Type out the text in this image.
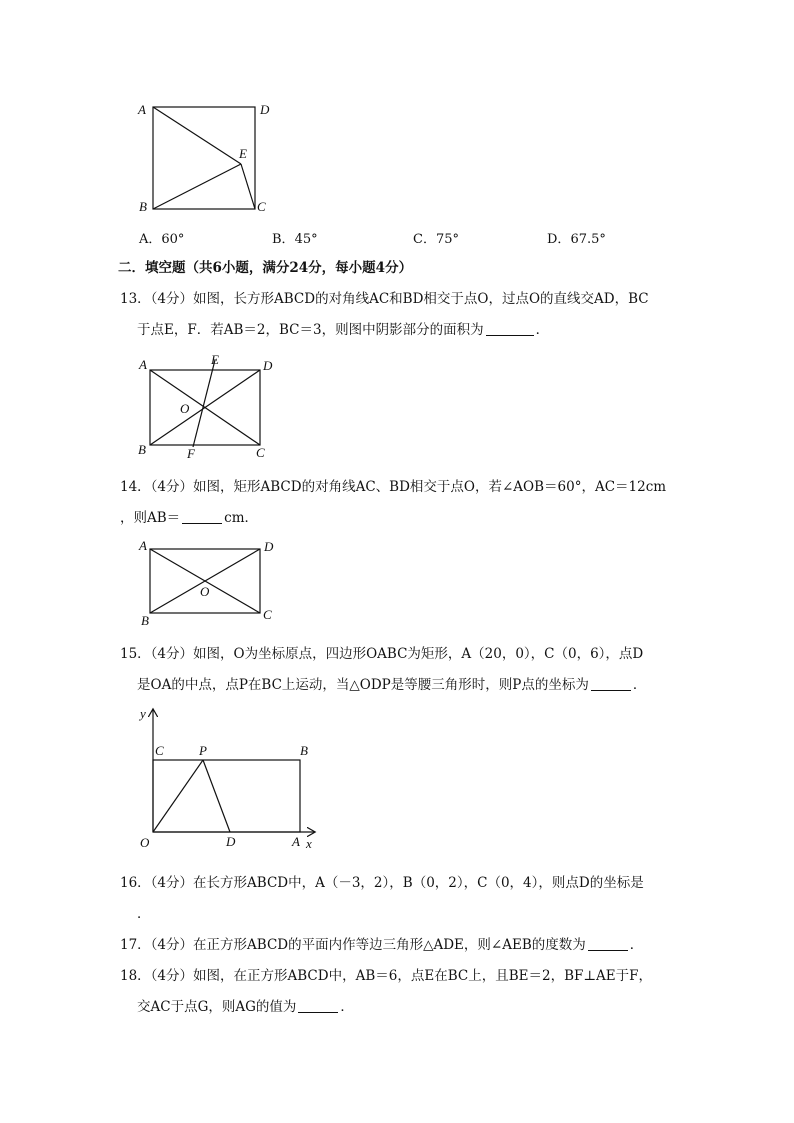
A	D
E
B	C
A．60°	B．45°	C．75°	D．67.5°
二．填空题（共6小题，满分24分，每小题4分）
13．（4分）如图，长方形ABCD的对角线AC和BD相交于点O，过点O的直线交AD，BC
于点E，F．若AB＝2，BC＝3，则图中阴影部分的面积为	．
A	E	D
O
B	F	C
14．（4分）如图，矩形ABCD的对角线AC、BD相交于点O，若∠AOB＝60°，AC＝12cm
，则AB＝	cm．
A	D
O
B	C
15．（4分）如图，O为坐标原点，四边形OABC为矩形，A（20，0），C（0，6），点D
是OA的中点，点P在BC上运动，当△ODP是等腰三角形时，则P点的坐标为	．
y
C	P	B
O	D	A x
16．（4分）在长方形ABCD中，A（－3，2），B（0，2），C（0，4），则点D的坐标是
．
17．（4分）在正方形ABCD的平面内作等边三角形△ADE，则∠AEB的度数为	．
18．（4分）如图，在正方形ABCD中，AB＝6，点E在BC上，且BE＝2，BF⊥AE于F，
交AC于点G，则AG的值为	．
